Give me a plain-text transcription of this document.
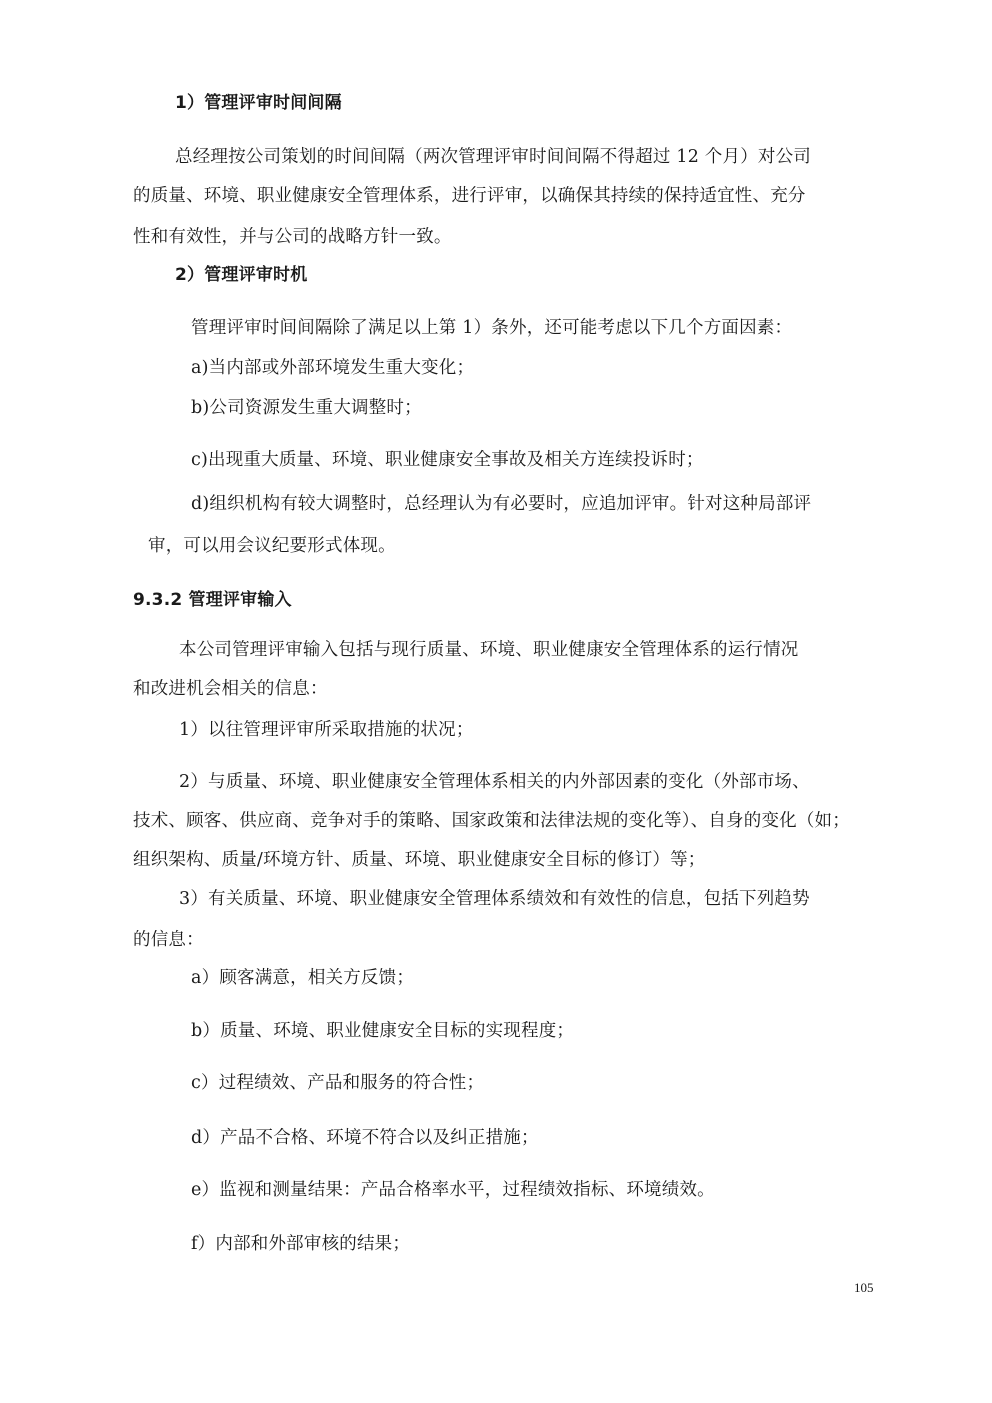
1）管理评审时间间隔
总经理按公司策划的时间间隔（两次管理评审时间间隔不得超过 12 个月）对公司
的质量、环境、职业健康安全管理体系，进行评审，以确保其持续的保持适宜性、充分
性和有效性，并与公司的战略方针一致。
2）管理评审时机
管理评审时间间隔除了满足以上第 1）条外，还可能考虑以下几个方面因素：
a)当内部或外部环境发生重大变化；
b)公司资源发生重大调整时；
c)出现重大质量、环境、职业健康安全事故及相关方连续投诉时；
d)组织机构有较大调整时，总经理认为有必要时，应追加评审。针对这种局部评
审，可以用会议纪要形式体现。
9.3.2 管理评审输入
本公司管理评审输入包括与现行质量、环境、职业健康安全管理体系的运行情况
和改进机会相关的信息：
1）以往管理评审所采取措施的状况；
2）与质量、环境、职业健康安全管理体系相关的内外部因素的变化（外部市场、
技术、顾客、供应商、竞争对手的策略、国家政策和法律法规的变化等）、自身的变化（如；
组织架构、质量/环境方针、质量、环境、职业健康安全目标的修订）等；
3）有关质量、环境、职业健康安全管理体系绩效和有效性的信息，包括下列趋势
的信息：
a）顾客满意，相关方反馈；
b）质量、环境、职业健康安全目标的实现程度；
c）过程绩效、产品和服务的符合性；
d）产品不合格、环境不符合以及纠正措施；
e）监视和测量结果：产品合格率水平，过程绩效指标、环境绩效。
f）内部和外部审核的结果；
105
